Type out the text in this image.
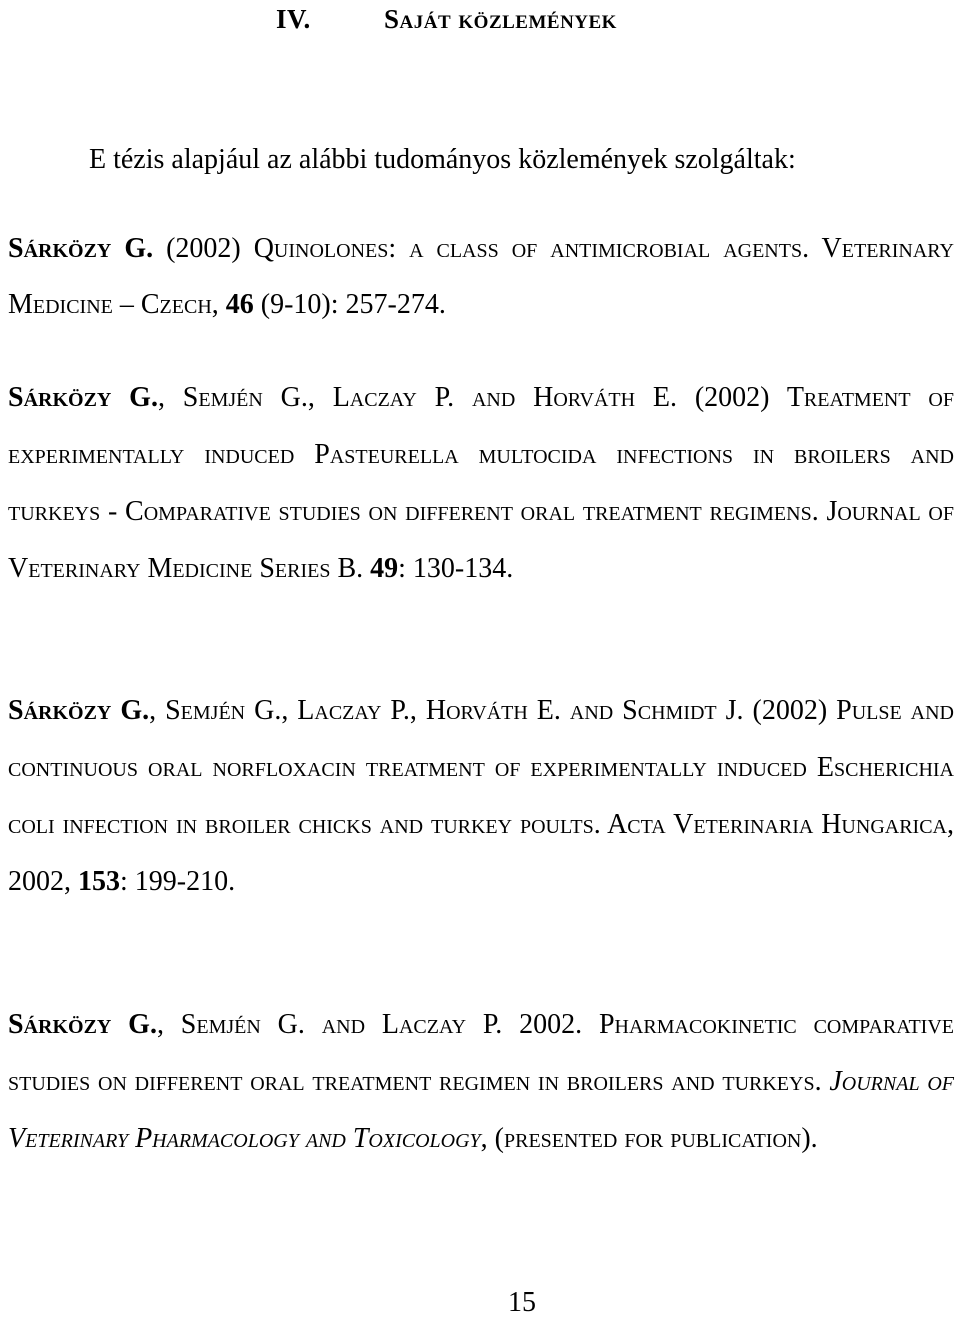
IV.	Saját közlemények
E tézis alapjául az alábbi tudományos közlemények szolgáltak:
Sárközy G. (2002) Quinolones: a class of antimicrobial agents. Veterinary Medicine – Czech, 46 (9-10): 257-274.
Sárközy G., Semjén G., Laczay P. and Horváth E. (2002) Treatment of experimentally induced Pasteurella multocida infections in broilers and turkeys - Comparative studies on different oral treatment regimens. Journal of Veterinary Medicine Series B. 49: 130-134.
Sárközy G., Semjén G., Laczay P., Horváth E. and Schmidt J. (2002) Pulse and continuous oral norfloxacin treatment of experimentally induced Escherichia coli infection in broiler chicks and turkey poults. Acta Veterinaria Hungarica, 2002, 153: 199-210.
Sárközy G., Semjén G. and Laczay P. 2002. Pharmacokinetic comparative studies on different oral treatment regimen in broilers and turkeys. Journal of Veterinary Pharmacology and Toxicology, (presented for publication).
15
